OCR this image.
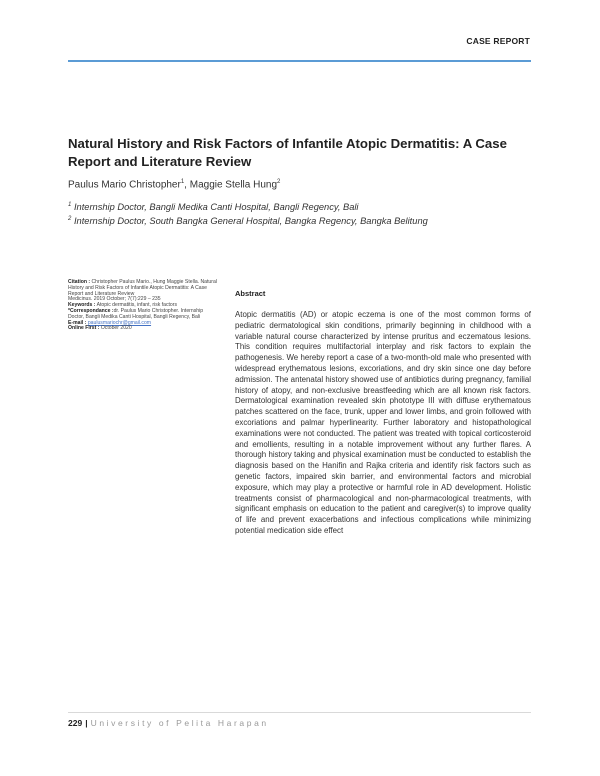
CASE REPORT
Natural History and Risk Factors of Infantile Atopic Dermatitis: A Case Report and Literature Review
Paulus Mario Christopher$^1$, Maggie Stella Hung$^2$
$^1$ Internship Doctor, Bangli Medika Canti Hospital, Bangli Regency, Bali
$^2$ Internship Doctor, South Bangka General Hospital, Bangka Regency, Bangka Belitung
Citation : Christopher Paulus Mario., Hung Maggie Stella. Natural History and Risk Factors of Infantile Atopic Dermatitis: A Case Report and Literature Review
Medicinus. 2019 October; 7(7):229 – 235
Keywords : Atopic dermatitis, infant, risk factors
*Correspondance :dr. Paulus Mario Christopher. Internship Doctor, Bangli Medika Canti Hospital, Bangli Regency, Bali
E-mail : paulusmariochr@gmail.com
Online First : October 2020
Abstract
Atopic dermatitis (AD) or atopic eczema is one of the most common forms of pediatric dermatological skin conditions, primarily beginning in childhood with a variable natural course characterized by intense pruritus and eczematous lesions. This condition requires multifactorial interplay and risk factors to explain the pathogenesis. We hereby report a case of a two-month-old male who presented with widespread erythematous lesions, excoriations, and dry skin since one day before admission. The antenatal history showed use of antibiotics during pregnancy, familial history of atopy, and non-exclusive breastfeeding which are all known risk factors. Dermatological examination revealed skin phototype III with diffuse erythematous patches scattered on the face, trunk, upper and lower limbs, and groin followed with excoriations and palmar hyperlinearity. Further laboratory and histopathological examinations were not conducted. The patient was treated with topical corticosteroid and emollients, resulting in a notable improvement without any further flares. A thorough history taking and physical examination must be conducted to establish the diagnosis based on the Hanifin and Rajka criteria and identify risk factors such as genetic factors, impaired skin barrier, and environmental factors and microbial exposure, which may play a protective or harmful role in AD development. Holistic treatments consist of pharmacological and non-pharmacological treatments, with significant emphasis on education to the patient and caregiver(s) to improve quality of life and prevent exacerbations and infectious complications while minimizing potential medication side effect
229 | University of Pelita Harapan
